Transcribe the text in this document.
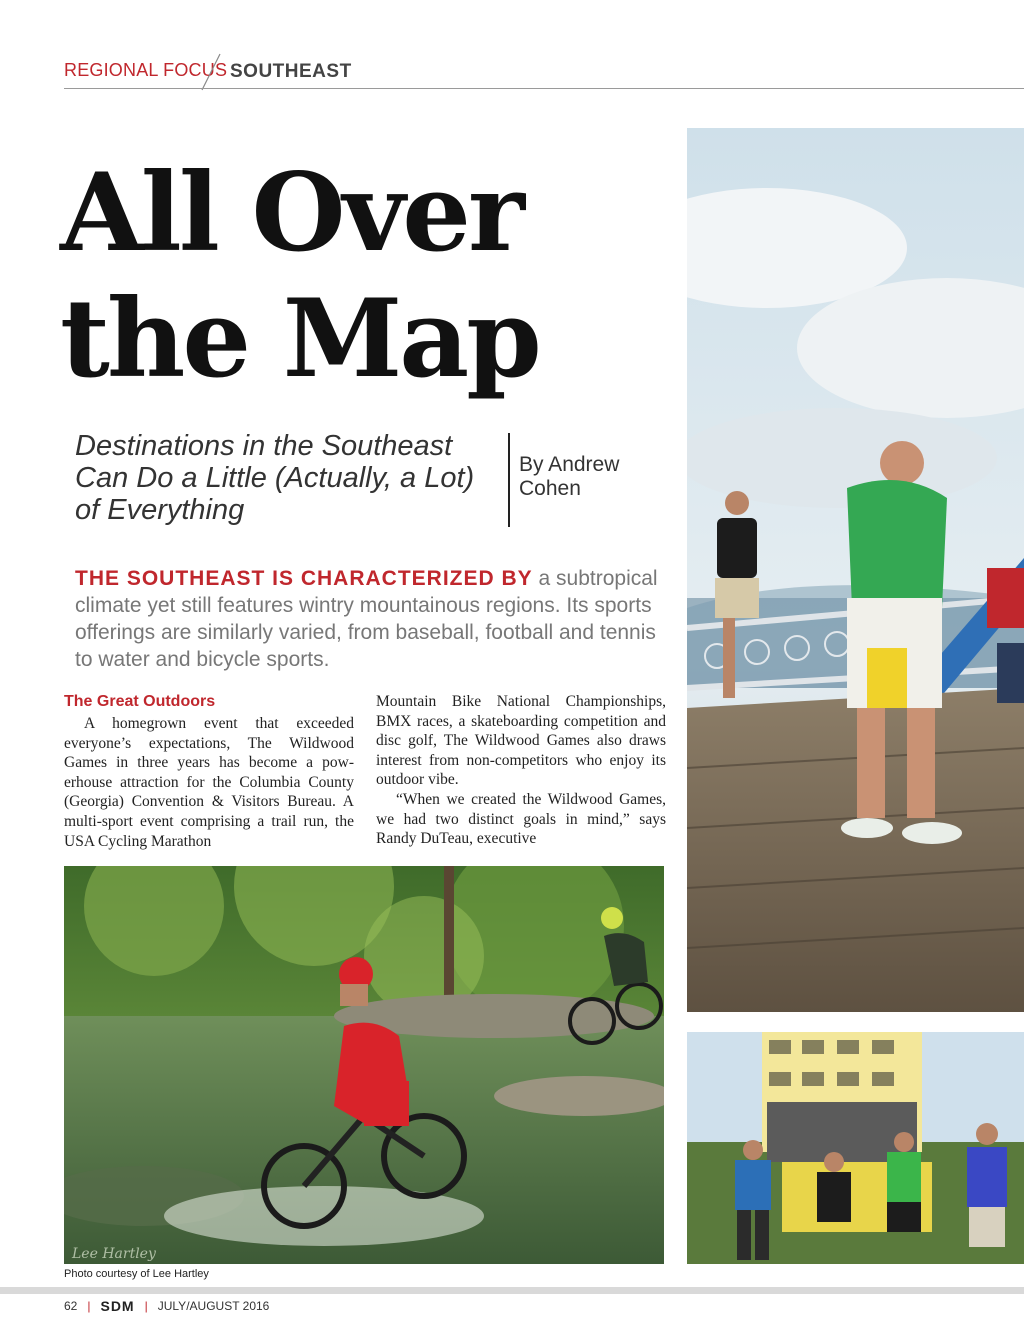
REGIONAL FOCUS SOUTHEAST
All Over
the Map
Destinations in the Southeast
Can Do a Little (Actually, a Lot)
of Everything
By Andrew
Cohen
THE SOUTHEAST IS CHARACTERIZED BY a subtropical climate yet still features wintry mountainous regions. Its sports offerings are similarly varied, from baseball, football and tennis to water and bicycle sports.
The Great Outdoors

A homegrown event that exceeded everyone’s expectations, The Wildwood Games in three years has become a pow-erhouse attraction for the Columbia County (Georgia) Convention & Visitors Bureau. A multi-sport event comprising a trail run, the USA Cycling Marathon

Mountain Bike National Championships, BMX races, a skateboarding competition and disc golf, The Wildwood Games also draws interest from non-competitors who enjoy its outdoor vibe.

“When we created the Wildwood Games, we had two distinct goals in mind,” says Randy DuTeau, executive

Lee Hartley
Photo courtesy of Lee Hartley
62 | SDM | JULY/AUGUST 2016
